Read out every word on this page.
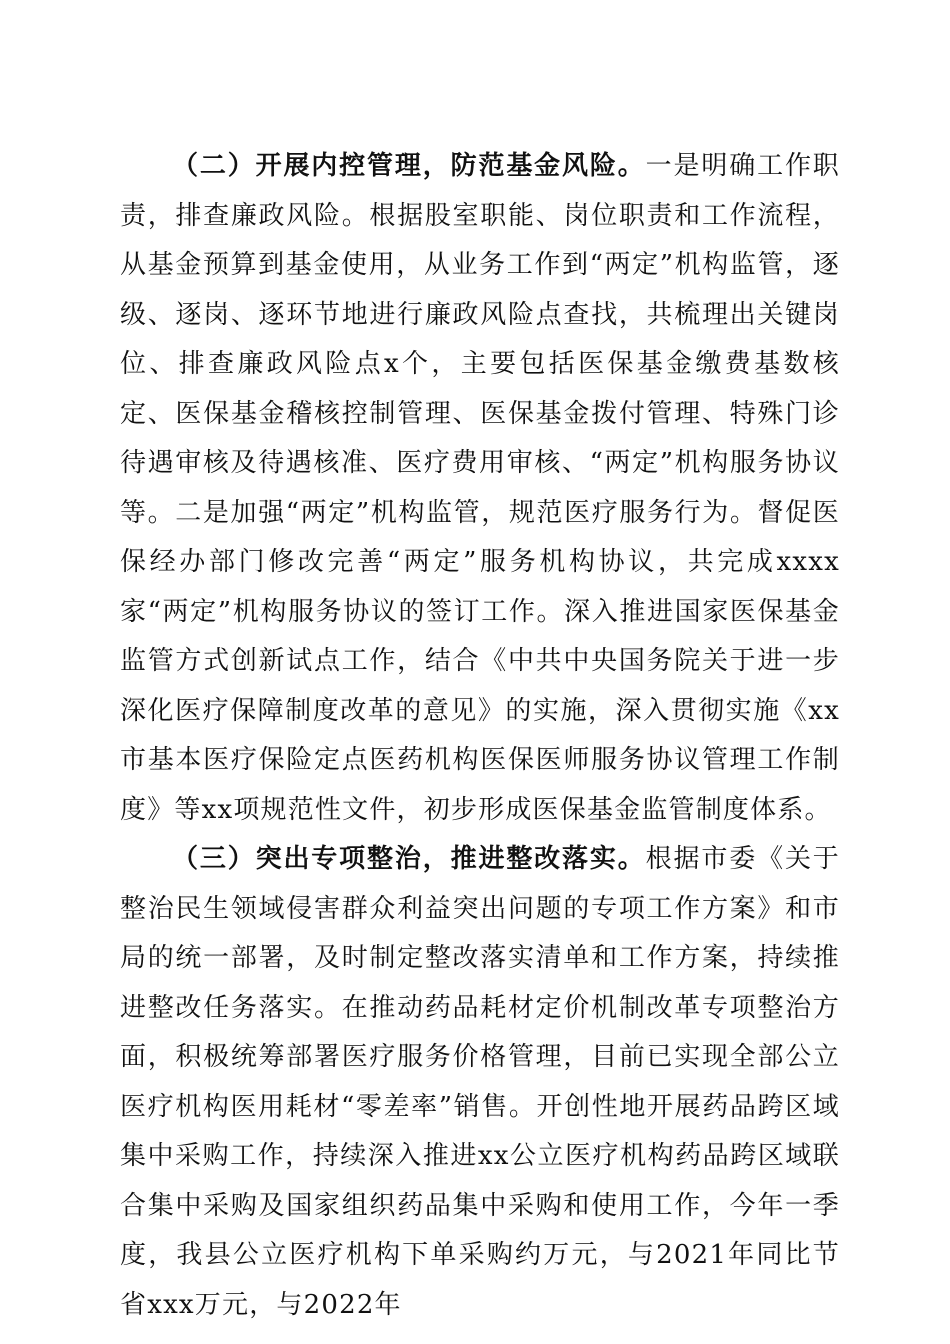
（二）开展内控管理，防范基金风险。一是明确工作职责，排查廉政风险。根据股室职能、岗位职责和工作流程，从基金预算到基金使用，从业务工作到“两定”机构监管，逐级、逐岗、逐环节地进行廉政风险点查找，共梳理出关键岗位、排查廉政风险点x个，主要包括医保基金缴费基数核定、医保基金稽核控制管理、医保基金拨付管理、特殊门诊待遇审核及待遇核准、医疗费用审核、“两定”机构服务协议等。二是加强“两定”机构监管，规范医疗服务行为。督促医保经办部门修改完善“两定”服务机构协议，共完成xxxx家“两定”机构服务协议的签订工作。深入推进国家医保基金监管方式创新试点工作，结合《中共中央国务院关于进一步深化医疗保障制度改革的意见》的实施，深入贯彻实施《xx市基本医疗保险定点医药机构医保医师服务协议管理工作制度》等xx项规范性文件，初步形成医保基金监管制度体系。

（三）突出专项整治，推进整改落实。根据市委《关于整治民生领域侵害群众利益突出问题的专项工作方案》和市局的统一部署，及时制定整改落实清单和工作方案，持续推进整改任务落实。在推动药品耗材定价机制改革专项整治方面，积极统筹部署医疗服务价格管理，目前已实现全部公立医疗机构医用耗材“零差率”销售。开创性地开展药品跨区域集中采购工作，持续深入推进xx公立医疗机构药品跨区域联合集中采购及国家组织药品集中采购和使用工作，今年一季度，我县公立医疗机构下单采购约万元，与2021年同比节省xxx万元，与2022年
